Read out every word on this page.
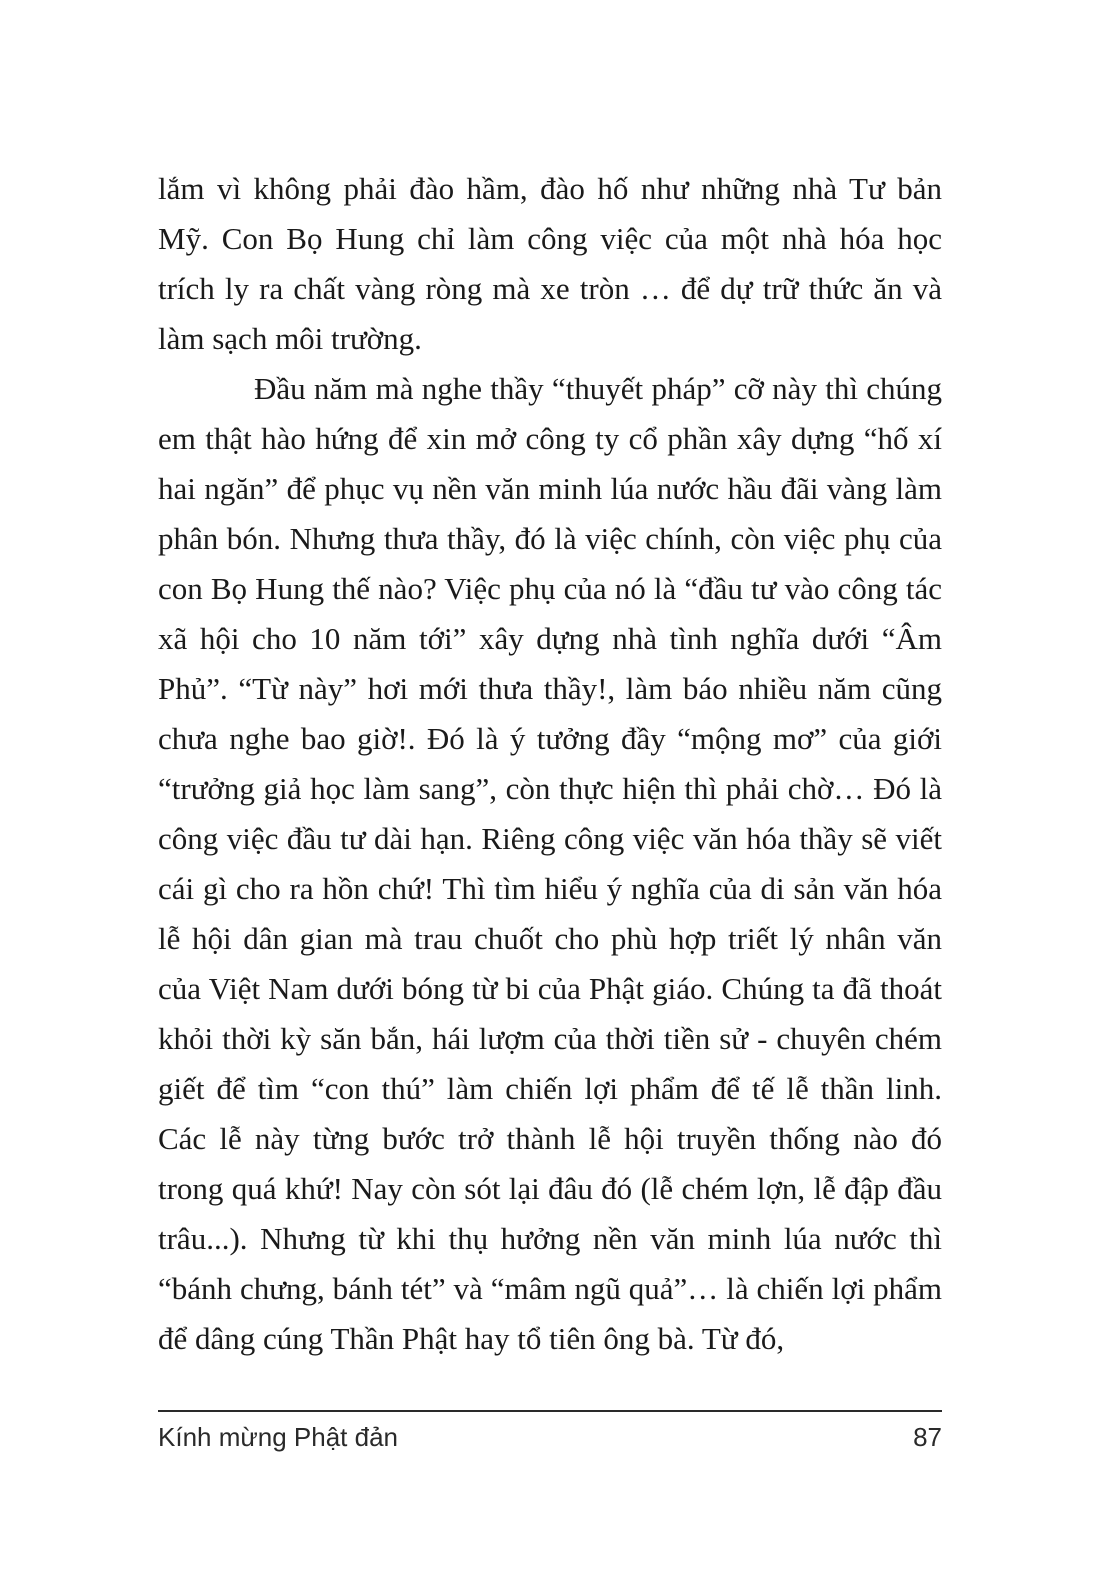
lắm vì không phải đào hầm, đào hố như những nhà Tư bản Mỹ. Con Bọ Hung chỉ làm công việc của một nhà hóa học trích ly ra chất vàng ròng mà xe tròn … để dự trữ thức ăn và làm sạch môi trường.

Đầu năm mà nghe thầy “thuyết pháp” cỡ này thì chúng em thật hào hứng để xin mở công ty cổ phần xây dựng “hố xí hai ngăn” để phục vụ nền văn minh lúa nước hầu đãi vàng làm phân bón. Nhưng thưa thầy, đó là việc chính, còn việc phụ của con Bọ Hung thế nào? Việc phụ của nó là “đầu tư vào công tác xã hội cho 10 năm tới” xây dựng nhà tình nghĩa dưới “Âm Phủ”. “Từ này” hơi mới thưa thầy!, làm báo nhiều năm cũng chưa nghe bao giờ!. Đó là ý tưởng đầy “mộng mơ” của giới “trưởng giả học làm sang”, còn thực hiện thì phải chờ… Đó là công việc đầu tư dài hạn. Riêng công việc văn hóa thầy sẽ viết cái gì cho ra hồn chứ! Thì tìm hiểu ý nghĩa của di sản văn hóa lễ hội dân gian mà trau chuốt cho phù hợp triết lý nhân văn của Việt Nam dưới bóng từ bi của Phật giáo. Chúng ta đã thoát khỏi thời kỳ săn bắn, hái lượm của thời tiền sử - chuyên chém giết để tìm “con thú” làm chiến lợi phẩm để tế lễ thần linh. Các lễ này từng bước trở thành lễ hội truyền thống nào đó trong quá khứ! Nay còn sót lại đâu đó (lễ chém lợn, lễ đập đầu trâu...). Nhưng từ khi thụ hưởng nền văn minh lúa nước thì “bánh chưng, bánh tét” và “mâm ngũ quả”… là chiến lợi phẩm để dâng cúng Thần Phật hay tổ tiên ông bà. Từ đó,

Kính mừng Phật đản	87
